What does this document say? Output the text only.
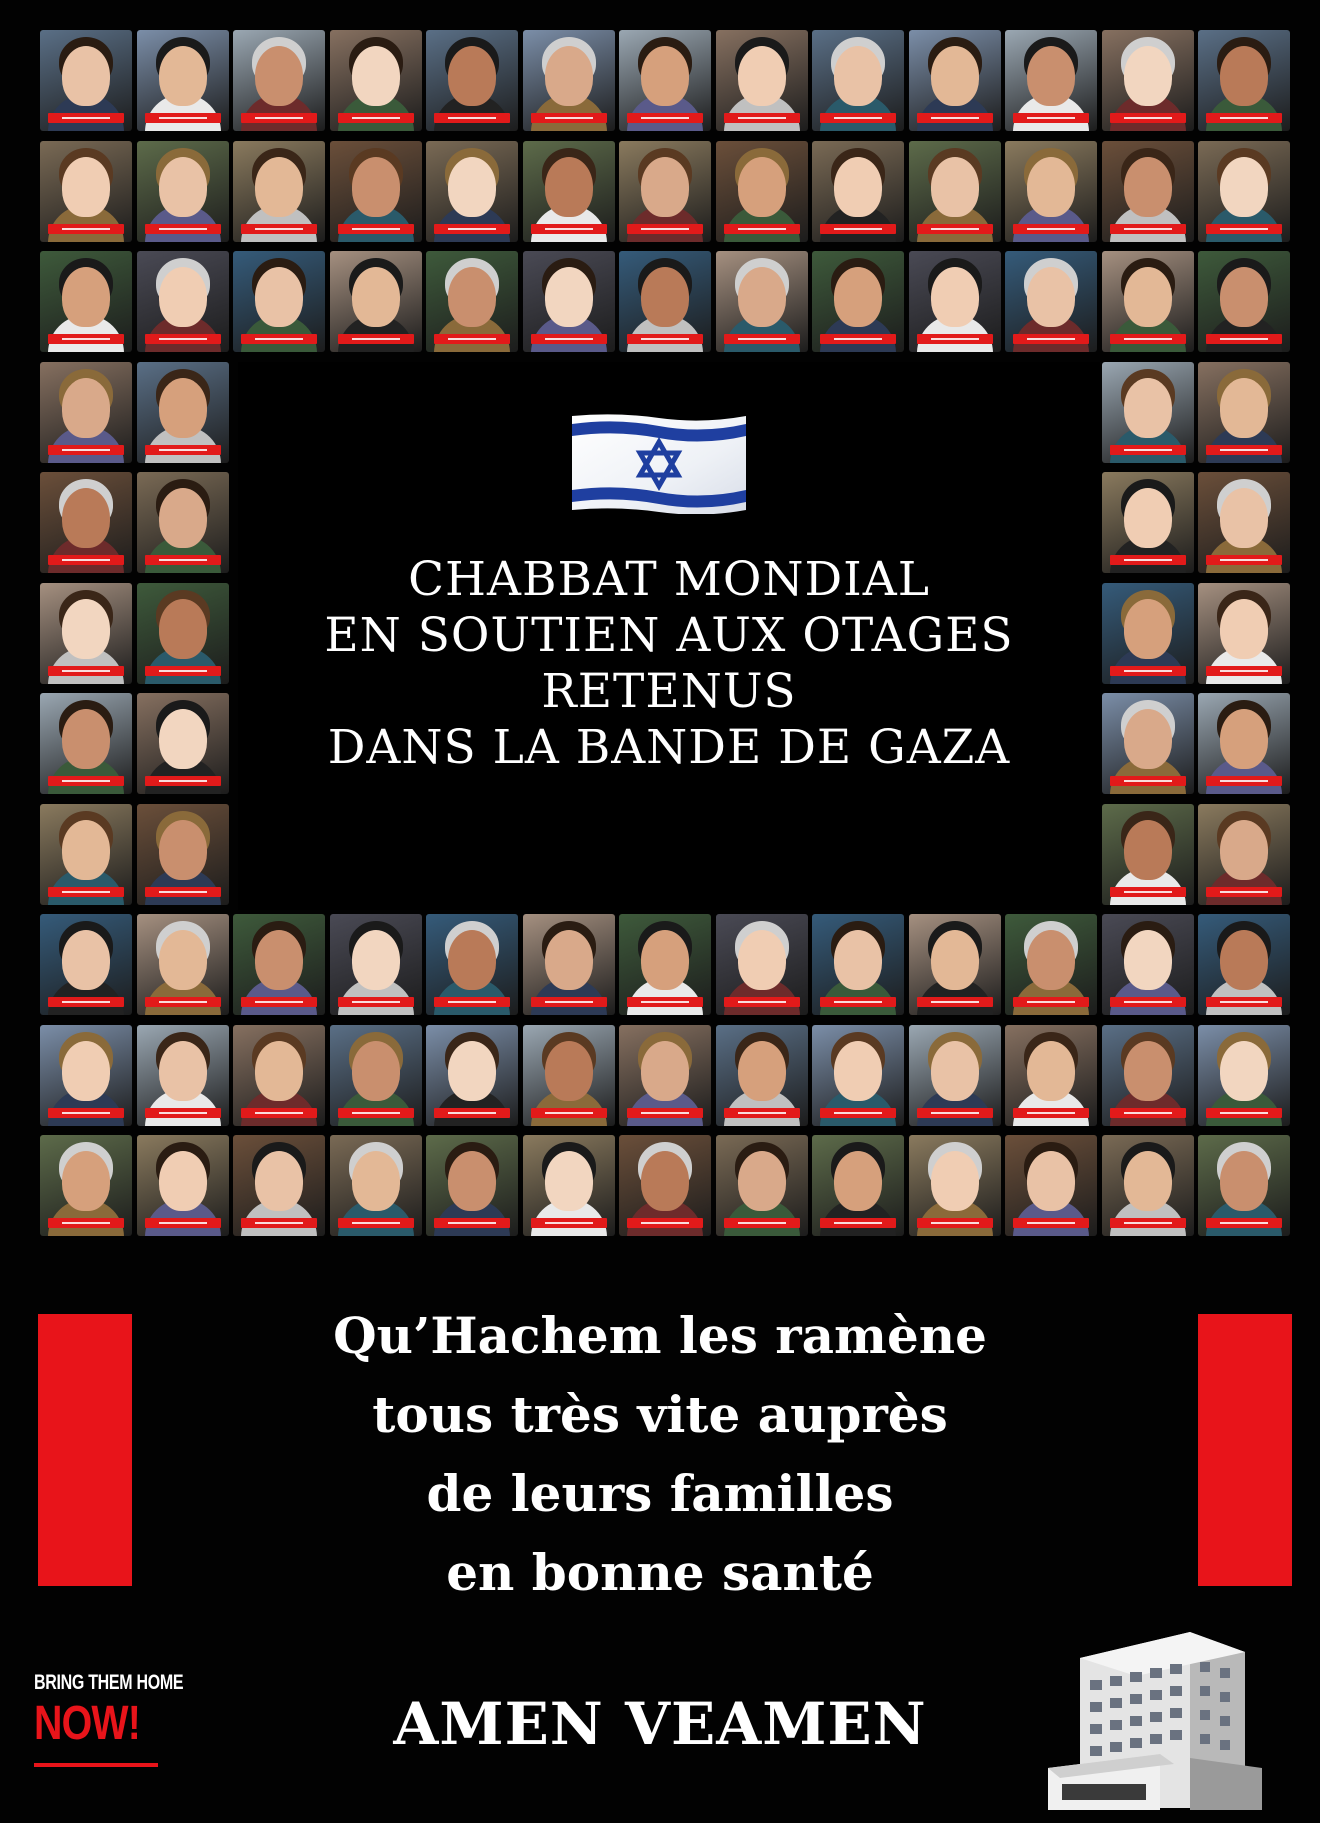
CHABBAT MONDIAL
EN SOUTIEN AUX OTAGES
RETENUS
DANS LA BANDE DE GAZA
Qu’Hachem les ramène
tous très vite auprès
de leurs familles
en bonne santé
BRING THEM HOME
NOW!	AMEN VEAMEN
